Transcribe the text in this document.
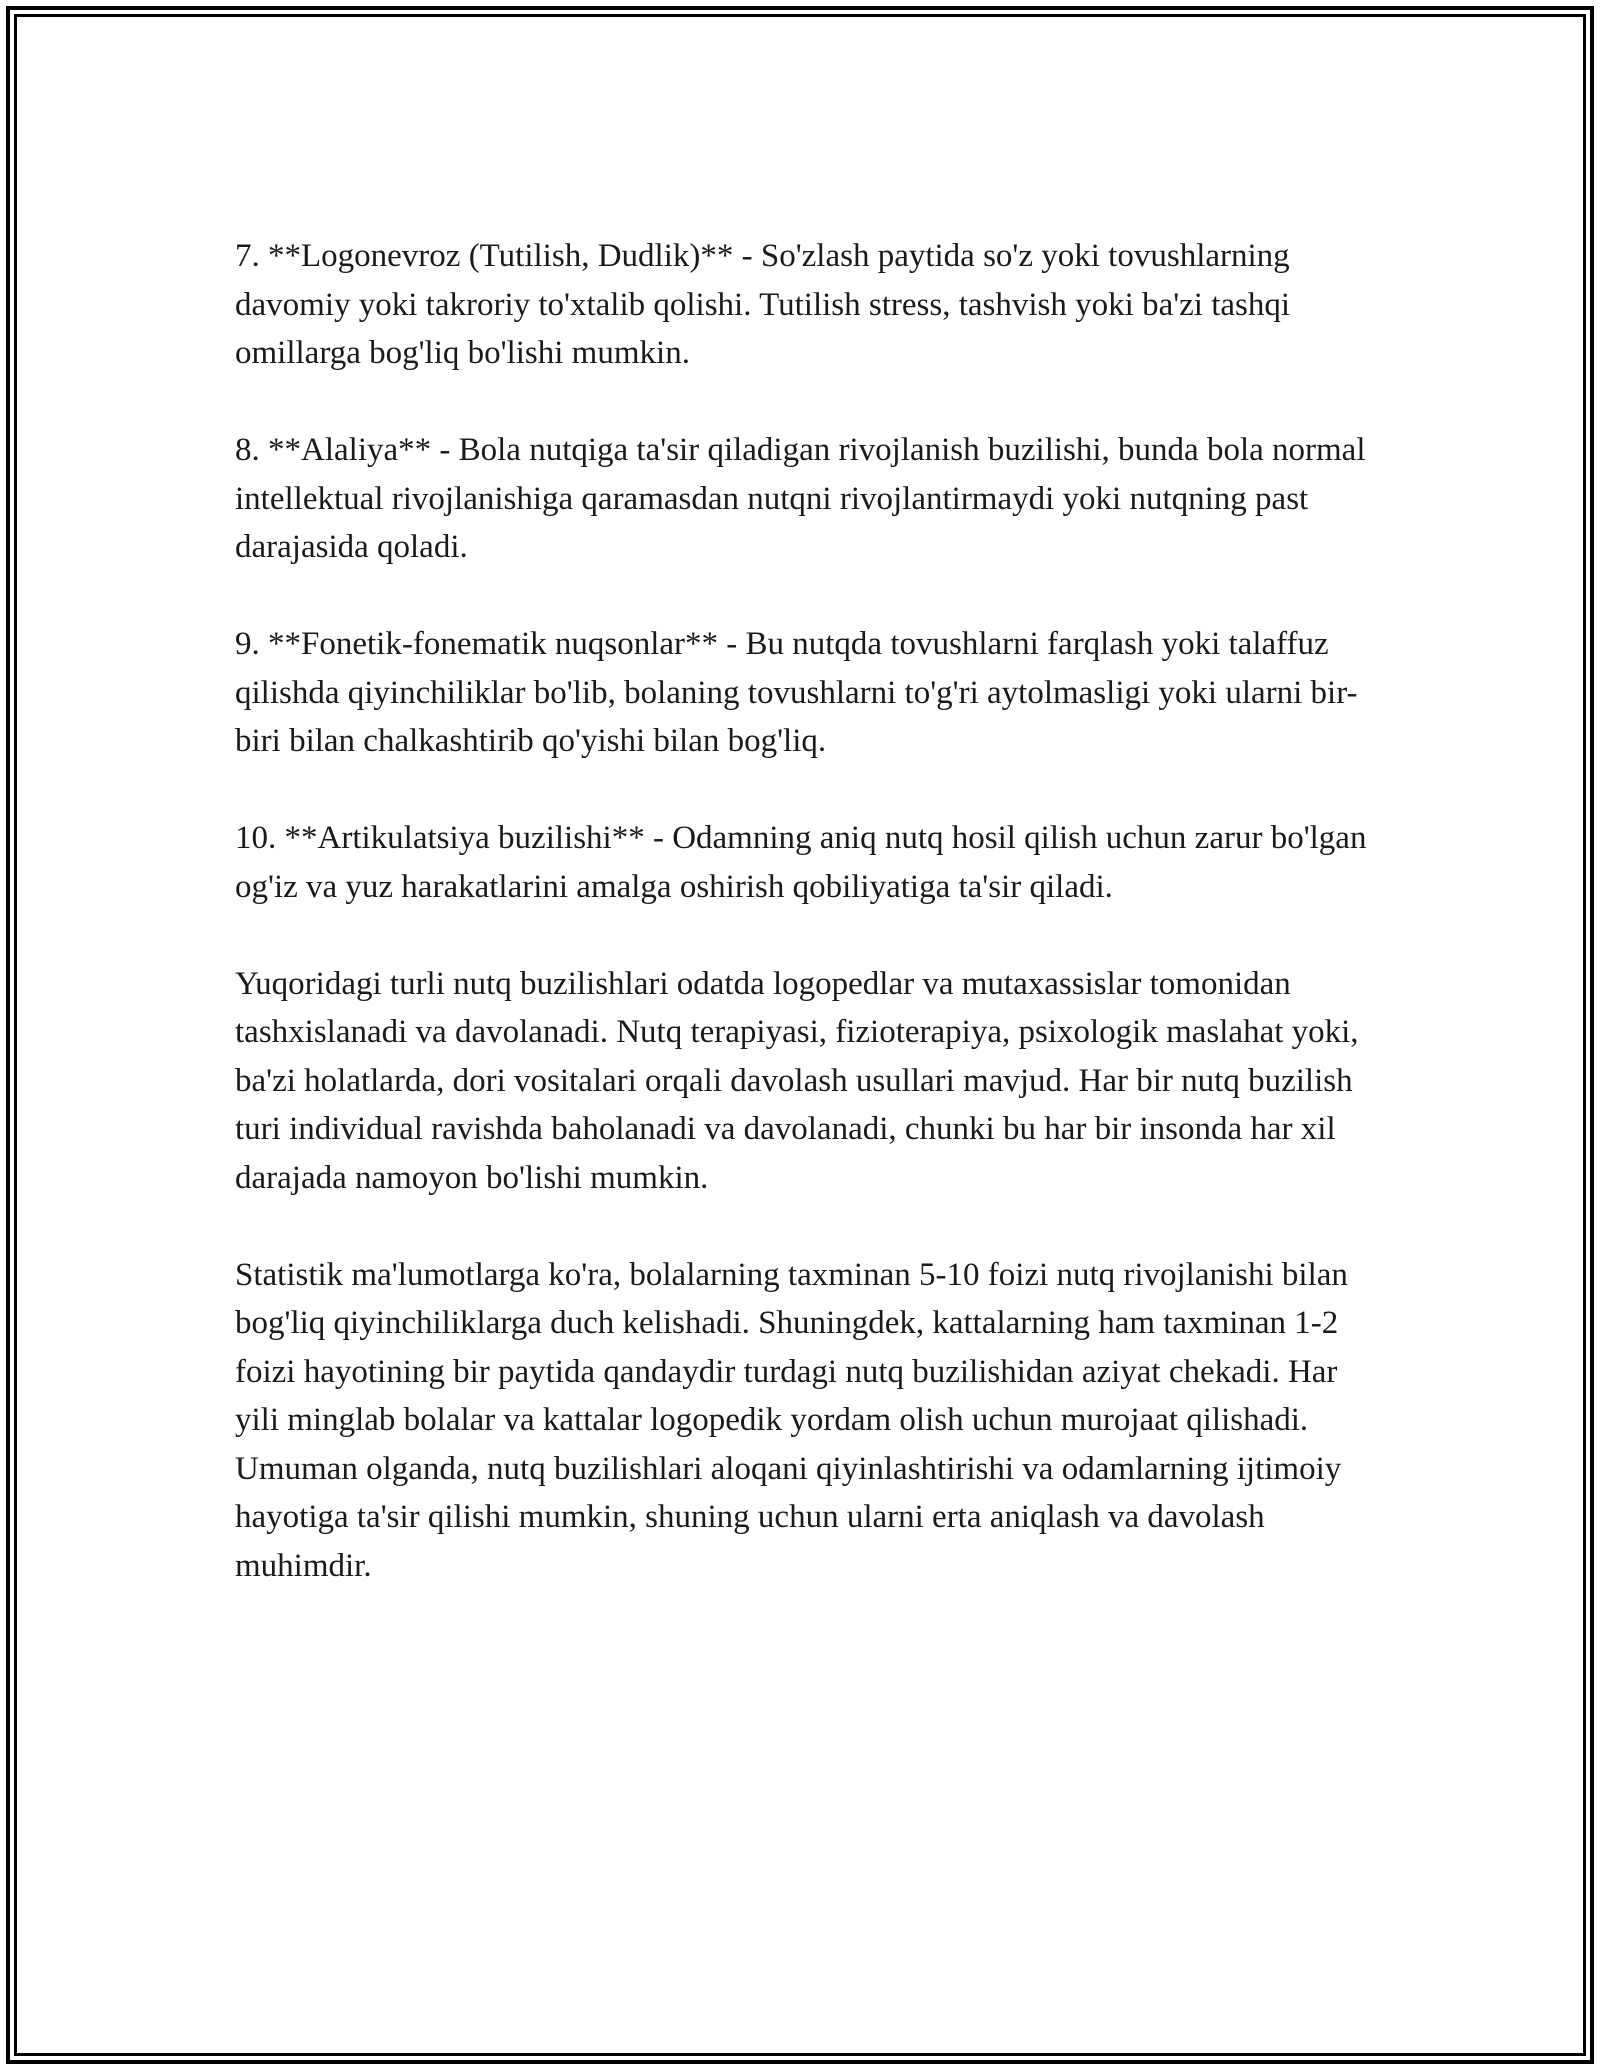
7. **Logonevroz (Tutilish, Dudlik)** - So'zlash paytida so'z yoki tovushlarning davomiy yoki takroriy to'xtalib qolishi. Tutilish stress, tashvish yoki ba'zi tashqi omillarga bog'liq bo'lishi mumkin.

8. **Alaliya** - Bola nutqiga ta'sir qiladigan rivojlanish buzilishi, bunda bola normal intellektual rivojlanishiga qaramasdan nutqni rivojlantirmaydi yoki nutqning past darajasida qoladi.

9. **Fonetik-fonematik nuqsonlar** - Bu nutqda tovushlarni farqlash yoki talaffuz qilishda qiyinchiliklar bo'lib, bolaning tovushlarni to'g'ri aytolmasligi yoki ularni bir-biri bilan chalkashtirib qo'yishi bilan bog'liq.

10. **Artikulatsiya buzilishi** - Odamning aniq nutq hosil qilish uchun zarur bo'lgan og'iz va yuz harakatlarini amalga oshirish qobiliyatiga ta'sir qiladi.

Yuqoridagi turli nutq buzilishlari odatda logopedlar va mutaxassislar tomonidan tashxislanadi va davolanadi. Nutq terapiyasi, fizioterapiya, psixologik maslahat yoki, ba'zi holatlarda, dori vositalari orqali davolash usullari mavjud. Har bir nutq buzilish turi individual ravishda baholanadi va davolanadi, chunki bu har bir insonda har xil darajada namoyon bo'lishi mumkin.

Statistik ma'lumotlarga ko'ra, bolalarning taxminan 5-10 foizi nutq rivojlanishi bilan bog'liq qiyinchiliklarga duch kelishadi. Shuningdek, kattalarning ham taxminan 1-2 foizi hayotining bir paytida qandaydir turdagi nutq buzilishidan aziyat chekadi. Har yili minglab bolalar va kattalar logopedik yordam olish uchun murojaat qilishadi. Umuman olganda, nutq buzilishlari aloqani qiyinlashtirishi va odamlarning ijtimoiy hayotiga ta'sir qilishi mumkin, shuning uchun ularni erta aniqlash va davolash muhimdir.
